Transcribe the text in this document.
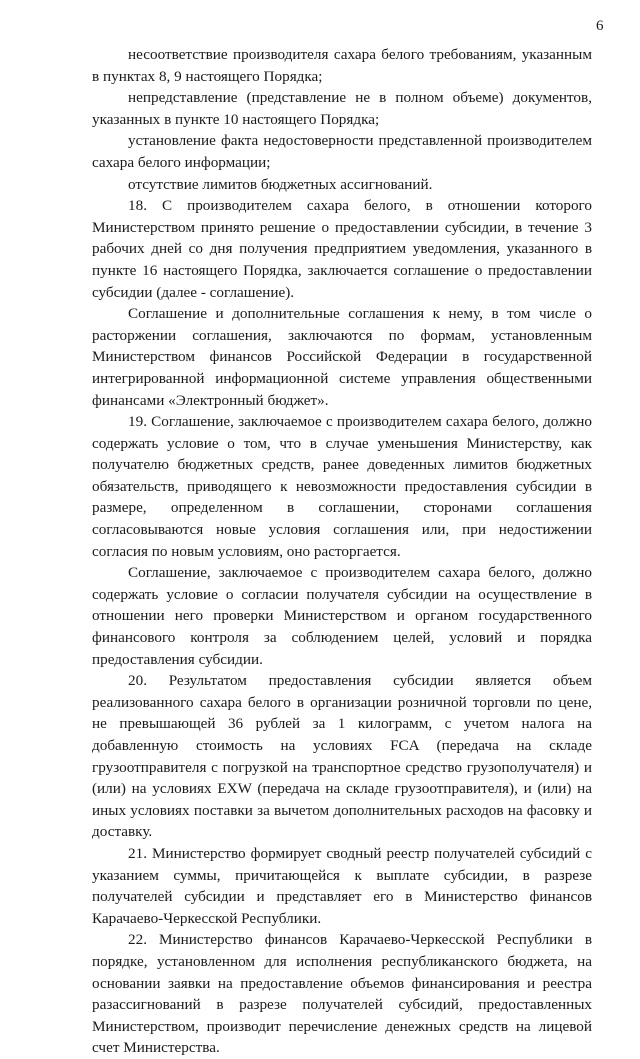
6

несоответствие производителя сахара белого требованиям, указанным в пунктах 8, 9 настоящего Порядка;

непредставление (представление не в полном объеме) документов, указанных в пункте 10 настоящего Порядка;

установление факта недостоверности представленной производителем сахара белого информации;

отсутствие лимитов бюджетных ассигнований.

18. С производителем сахара белого, в отношении которого Министерством принято решение о предоставлении субсидии, в течение 3 рабочих дней со дня получения предприятием уведомления, указанного в пункте 16 настоящего Порядка, заключается соглашение о предоставлении субсидии (далее - соглашение).

Соглашение и дополнительные соглашения к нему, в том числе о расторжении соглашения, заключаются по формам, установленным Министерством финансов Российской Федерации в государственной интегрированной информационной системе управления общественными финансами «Электронный бюджет».

19. Соглашение, заключаемое с производителем сахара белого, должно содержать условие о том, что в случае уменьшения Министерству, как получателю бюджетных средств, ранее доведенных лимитов бюджетных обязательств, приводящего к невозможности предоставления субсидии в размере, определенном в соглашении, сторонами соглашения согласовываются новые условия соглашения или, при недостижении согласия по новым условиям, оно расторгается.

Соглашение, заключаемое с производителем сахара белого, должно содержать условие о согласии получателя субсидии на осуществление в отношении него проверки Министерством и органом государственного финансового контроля за соблюдением целей, условий и порядка предоставления субсидии.

20. Результатом предоставления субсидии является объем реализованного сахара белого в организации розничной торговли по цене, не превышающей 36 рублей за 1 килограмм, с учетом налога на добавленную стоимость на условиях FCA (передача на складе грузоотправителя с погрузкой на транспортное средство грузополучателя) и (или) на условиях EXW (передача на складе грузоотправителя), и (или) на иных условиях поставки за вычетом дополнительных расходов на фасовку и доставку.

21. Министерство формирует сводный реестр получателей субсидий с указанием суммы, причитающейся к выплате субсидии, в разрезе получателей субсидии и представляет его в Министерство финансов Карачаево-Черкесской Республики.

22. Министерство финансов Карачаево-Черкесской Республики в порядке, установленном для исполнения республиканского бюджета, на основании заявки на предоставление объемов финансирования и реестра разассигнований в разрезе получателей субсидий, предоставленных Министерством, производит перечисление денежных средств на лицевой счет Министерства.
